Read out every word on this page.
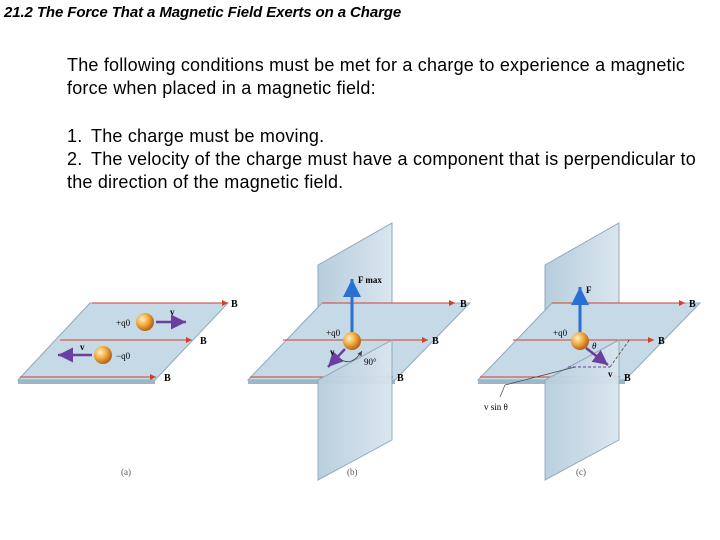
21.2 The Force That a Magnetic Field Exerts on a Charge

The following conditions must be met for a charge to experience a magnetic force when placed in a magnetic field:

1. The charge must be moving.
2. The velocity of the charge must have a component that is perpendicular to the direction of the magnetic field.
B
B
B
+q0
v
−q0
v
(a)
B
B
B
F max
+q0
v
90°
(b)
B
B
B
F
+q0
v
θ
v sin θ
(c)
